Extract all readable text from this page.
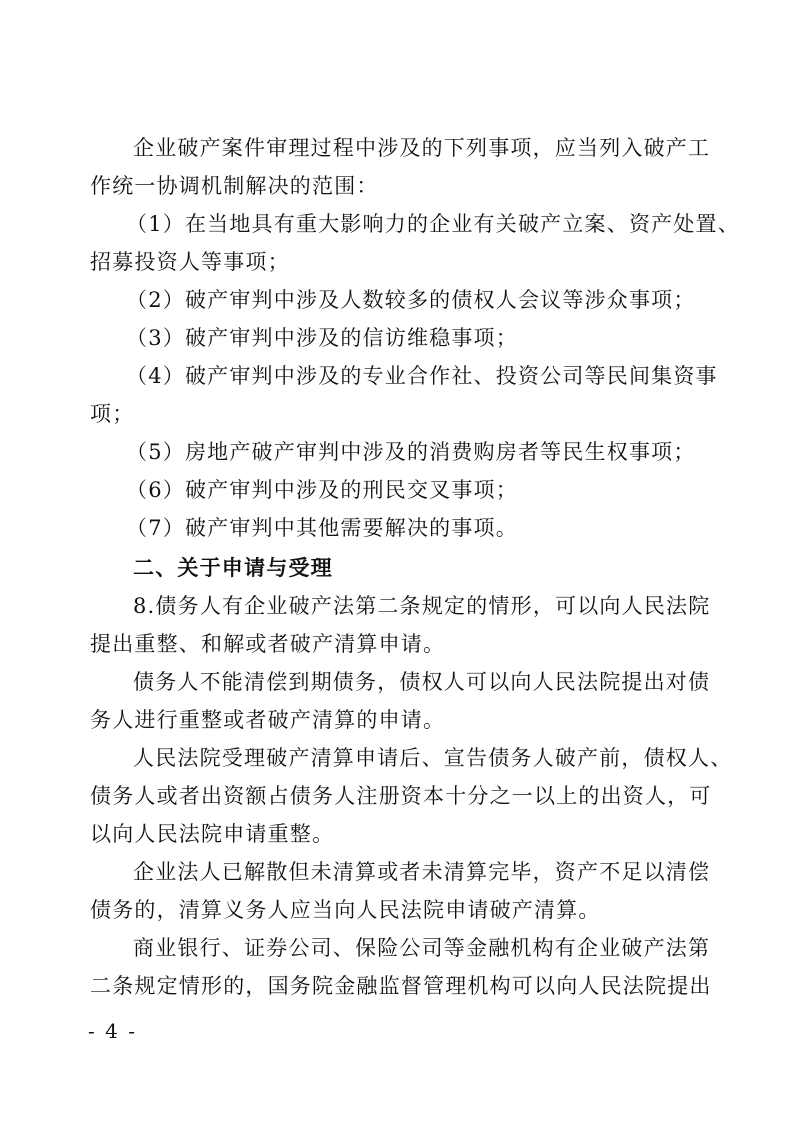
企业破产案件审理过程中涉及的下列事项，应当列入破产工
作统一协调机制解决的范围：
（1）在当地具有重大影响力的企业有关破产立案、资产处置、
招募投资人等事项；
（2）破产审判中涉及人数较多的债权人会议等涉众事项；
（3）破产审判中涉及的信访维稳事项；
（4）破产审判中涉及的专业合作社、投资公司等民间集资事
项；
（5）房地产破产审判中涉及的消费购房者等民生权事项；
（6）破产审判中涉及的刑民交叉事项；
（7）破产审判中其他需要解决的事项。
二、关于申请与受理
8.债务人有企业破产法第二条规定的情形，可以向人民法院
提出重整、和解或者破产清算申请。
债务人不能清偿到期债务，债权人可以向人民法院提出对债
务人进行重整或者破产清算的申请。
人民法院受理破产清算申请后、宣告债务人破产前，债权人、
债务人或者出资额占债务人注册资本十分之一以上的出资人，可
以向人民法院申请重整。
企业法人已解散但未清算或者未清算完毕，资产不足以清偿
债务的，清算义务人应当向人民法院申请破产清算。
商业银行、证券公司、保险公司等金融机构有企业破产法第
二条规定情形的，国务院金融监督管理机构可以向人民法院提出
- 4 -
